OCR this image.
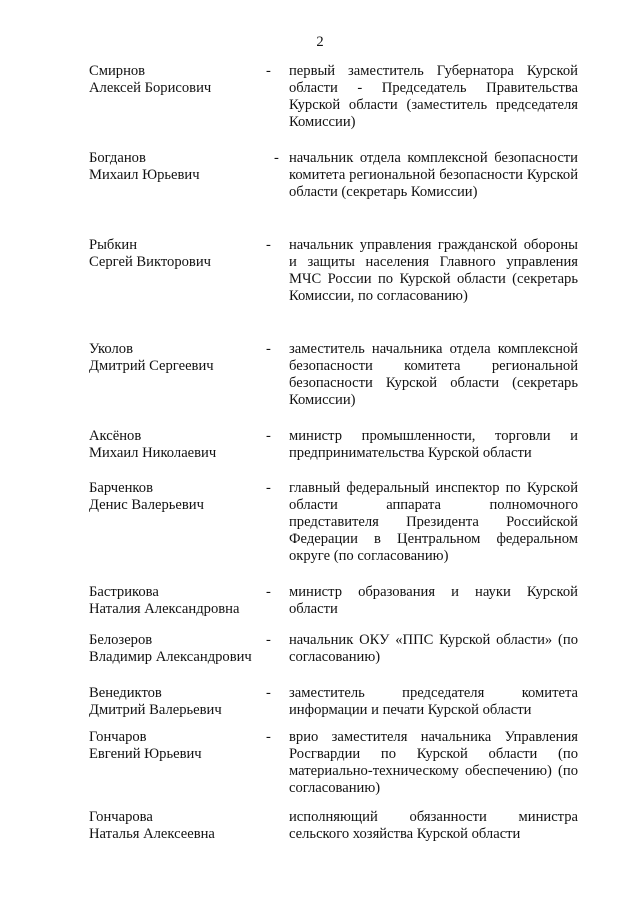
2
Смирнов
Алексей Борисович
-	первый заместитель Губернатора Курской области - Председатель Правительства Курской области (заместитель председателя Комиссии)
Богданов
Михаил Юрьевич
- начальник отдела комплексной безопасности комитета региональной безопасности Курской области (секретарь Комиссии)
Рыбкин
Сергей Викторович
-	начальник управления гражданской обороны и защиты населения Главного управления МЧС России по Курской области (секретарь Комиссии, по согласованию)
Уколов
Дмитрий Сергеевич
-	заместитель начальника отдела комплексной безопасности комитета региональной безопасности Курской области (секретарь Комиссии)
Аксёнов
Михаил Николаевич
-	министр промышленности, торговли и предпринимательства Курской области
Барченков
Денис Валерьевич
-	главный федеральный инспектор по Курской области аппарата полномочного представителя Президента Российской Федерации в Центральном федеральном округе (по согласованию)
Бастрикова
Наталия Александровна
-	министр образования и науки Курской области
Белозеров
Владимир Александрович
-	начальник ОКУ «ППС Курской области» (по согласованию)
Венедиктов
Дмитрий Валерьевич
-	заместитель председателя комитета информации и печати Курской области
Гончаров
Евгений Юрьевич
-	врио заместителя начальника Управления Росгвардии по Курской области (по материально-техническому обеспечению) (по согласованию)
Гончарова
Наталья Алексеевна
исполняющий обязанности министра сельского хозяйства Курской области
